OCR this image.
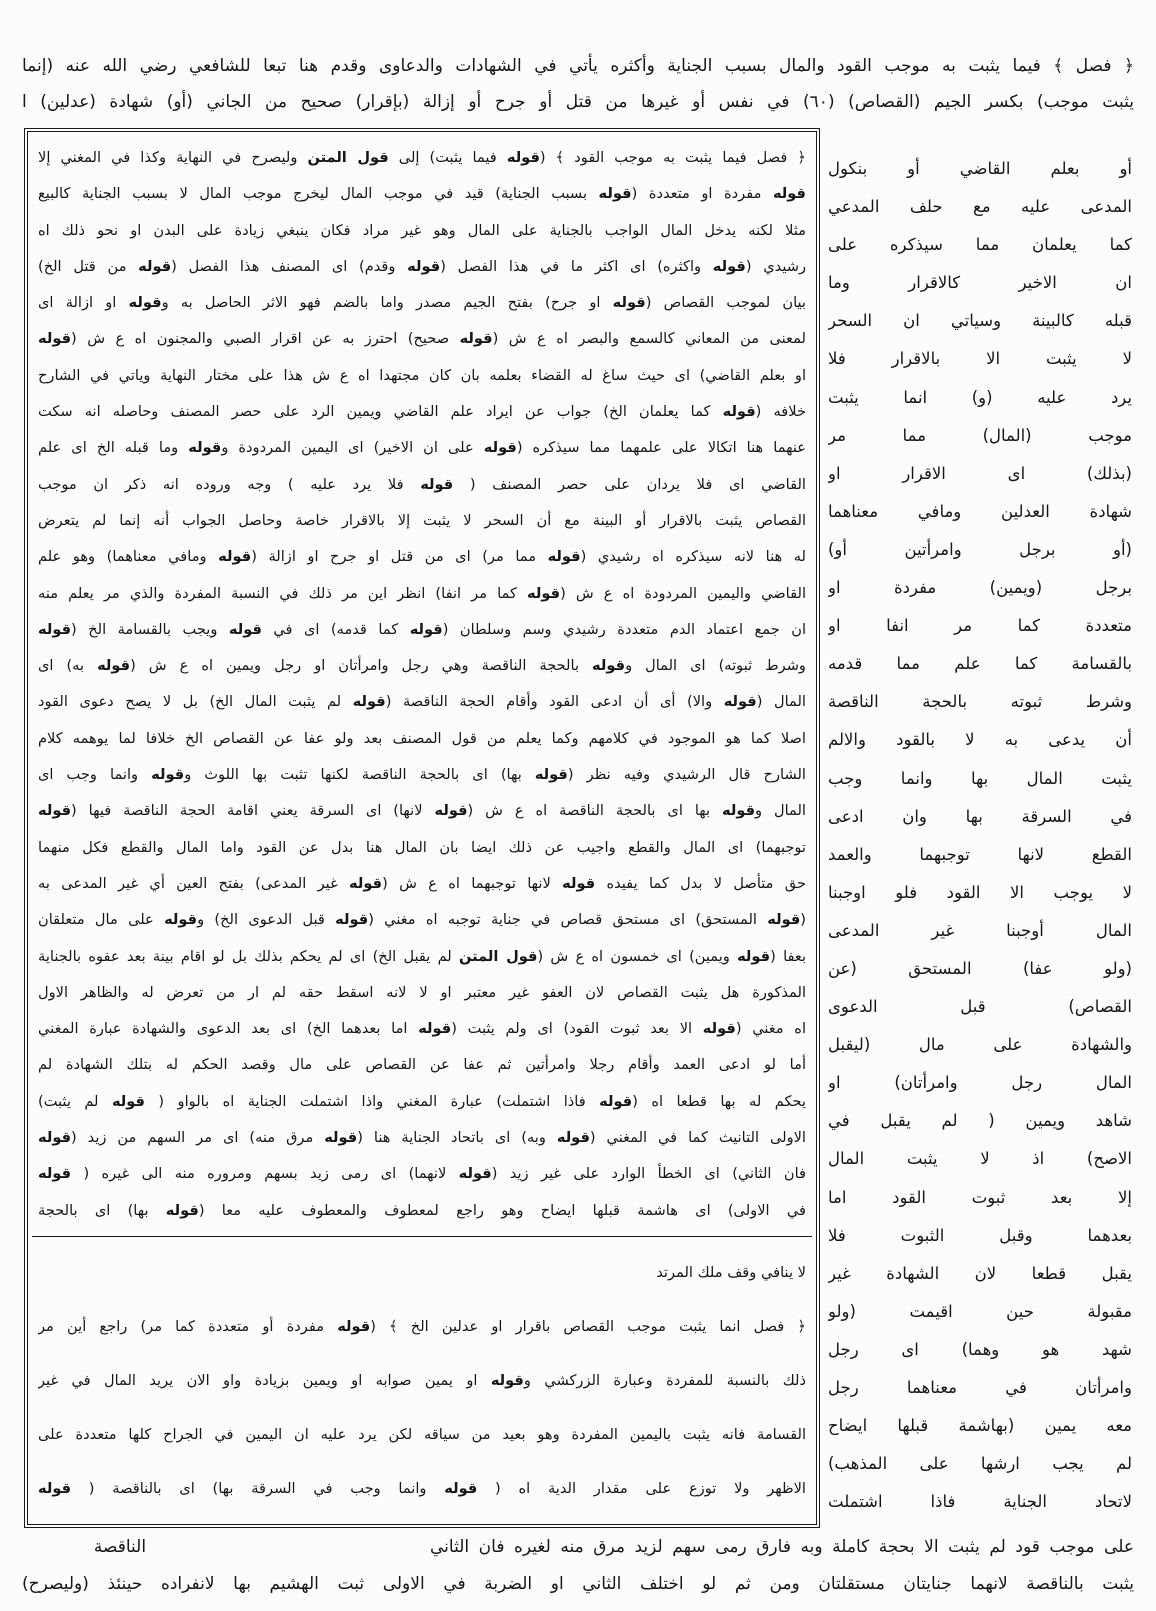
﴿ فصل ﴾ فيما يثبت به موجب القود والمال بسبب الجناية وأكثره يأتي في الشهادات والدعاوى وقدم هنا تبعا للشافعي رضي الله عنه (إنما
يثبت موجب) بكسر الجيم (القصاص) (٦٠) في نفس أو غيرها من قتل أو جرح أو إزالة (بإقرار) صحيح من الجاني (أو) شهادة (عدلين) ا
﴿ فصل فيما يثبت به موجب القود ﴾ (قوله فيما يثبت) إلى قول المتن وليصرح في النهاية وكذا في المغني إلا
قوله مفردة او متعددة (قوله بسبب الجناية) قيد في موجب المال ليخرج موجب المال لا بسبب الجناية كالبيع
مثلا لكنه يدخل المال الواجب بالجناية على المال وهو غير مراد فكان ينبغي زيادة على البدن او نحو ذلك اه
رشيدي (قوله واكثره) اى اكثر ما في هذا الفصل (قوله وقدم) اى المصنف هذا الفصل (قوله من قتل الخ)
بيان لموجب القصاص (قوله او جرح) بفتح الجيم مصدر واما بالضم فهو الاثر الحاصل به وقوله او ازالة اى
لمعنى من المعاني كالسمع والبصر اه ع ش (قوله صحيح) احترز به عن اقرار الصبي والمجنون اه ع ش (قوله
او بعلم القاضي) اى حيث ساغ له القضاء بعلمه بان كان مجتهدا اه ع ش هذا على مختار النهاية وياتي في الشارح
خلافه (قوله كما يعلمان الخ) جواب عن ايراد علم القاضي ويمين الرد على حصر المصنف وحاصله انه سكت
عنهما هنا اتكالا على علمهما مما سيذكره (قوله على ان الاخير) اى اليمين المردودة وقوله وما قبله الخ اى علم
القاضي اى فلا يردان على حصر المصنف ( قوله فلا يرد عليه ) وجه وروده انه ذكر ان موجب
القصاص يثبت بالاقرار أو البينة مع أن السحر لا يثبت إلا بالاقرار خاصة وحاصل الجواب أنه إنما لم يتعرض
له هنا لانه سيذكره اه رشيدي (قوله مما مر) اى من قتل او جرح او ازالة (قوله ومافي معناهما) وهو علم
القاضي واليمين المردودة اه ع ش (قوله كما مر انفا) انظر اين مر ذلك في النسبة المفردة والذي مر يعلم منه
ان جمع اعتماد الدم متعددة رشيدي وسم وسلطان (قوله كما قدمه) اى في قوله ويجب بالقسامة الخ (قوله
وشرط ثبوته) اى المال وقوله بالحجة الناقصة وهي رجل وامرأتان او رجل ويمين اه ع ش (قوله به) اى
المال (قوله والا) أى أن ادعى القود وأقام الحجة الناقصة (قوله لم يثبت المال الخ) بل لا يصح دعوى القود
اصلا كما هو الموجود في كلامهم وكما يعلم من قول المصنف بعد ولو عفا عن القصاص الخ خلافا لما يوهمه كلام
الشارح قال الرشيدي وفيه نظر (قوله بها) اى بالحجة الناقصة لكنها تثبت بها اللوث وقوله وانما وجب اى
المال وقوله بها اى بالحجة الناقصة اه ع ش (قوله لانها) اى السرقة يعني اقامة الحجة الناقصة فيها (قوله
توجبهما) اى المال والقطع واجيب عن ذلك ايضا بان المال هنا بدل عن القود واما المال والقطع فكل منهما
حق متأصل لا بدل كما يفيده قوله لانها توجبهما اه ع ش (قوله غير المدعى) بفتح العين أي غير المدعى به
(قوله المستحق) اى مستحق قصاص في جناية توجبه اه مغني (قوله قبل الدعوى الخ) وقوله على مال متعلقان
بعفا (قوله ويمين) اى خمسون اه ع ش (قول المتن لم يقبل الخ) اى لم يحكم بذلك بل لو اقام بينة بعد عفوه بالجناية
المذكورة هل يثبت القصاص لان العفو غير معتبر او لا لانه اسقط حقه لم ار من تعرض له والظاهر الاول
اه مغني (قوله الا بعد ثبوت القود) اى ولم يثبت (قوله اما بعدهما الخ) اى بعد الدعوى والشهادة عبارة المغني
أما لو ادعى العمد وأقام رجلا وامرأتين ثم عفا عن القصاص على مال وقصد الحكم له بتلك الشهادة لم
يحكم له بها قطعا اه (قوله فاذا اشتملت) عبارة المغني واذا اشتملت الجناية اه بالواو ( قوله لم يثبت)
الاولى التانيث كما في المغني (قوله وبه) اى باتحاد الجناية هنا (قوله مرق منه) اى مر السهم من زيد (قوله
فان الثاني) اى الخطأ الوارد على غير زيد (قوله لانهما) اى رمى زيد بسهم ومروره منه الى غيره ( قوله
في الاولى) اى هاشمة قبلها ايضاح وهو راجع لمعطوف والمعطوف عليه معا (قوله بها) اى بالحجة
لا ينافي وقف ملك المرتد
﴿ فصل انما يثبت موجب القصاص باقرار او عدلين الخ ﴾ (قوله مفردة أو متعددة كما مر) راجع أين مر
ذلك بالنسبة للمفردة وعبارة الزركشي وقوله او يمين صوابه او ويمين بزيادة واو الان يريد المال في غير
القسامة فانه يثبت باليمين المفردة وهو بعيد من سياقه لكن يرد عليه ان اليمين في الجراح كلها متعددة على
الاظهر ولا توزع على مقدار الدية اه ( قوله وانما وجب في السرقة بها) اى بالناقصة ( قوله
أو بعلم القاضي أو بنكول
المدعى عليه مع حلف المدعي
كما يعلمان مما سيذكره على
ان الاخير كالاقرار وما
قبله كالبينة وسياتي ان السحر
لا يثبت الا بالاقرار فلا
يرد عليه (و) انما يثبت
موجب (المال) مما مر
(بذلك) اى الاقرار او
شهادة العدلين ومافي معناهما
(أو برجل وامرأتين أو)
برجل (ويمين) مفردة او
متعددة كما مر انفا او
بالقسامة كما علم مما قدمه
وشرط ثبوته بالحجة الناقصة
أن يدعى به لا بالقود والالم
يثبت المال بها وانما وجب
في السرقة بها وان ادعى
القطع لانها توجبهما والعمد
لا يوجب الا القود فلو اوجبنا
المال أوجبنا غير المدعى
(ولو عفا) المستحق (عن
القصاص) قبل الدعوى
والشهادة على مال (ليقبل
المال رجل وامرأتان) او
شاهد ويمين ( لم يقبل في
الاصح) اذ لا يثبت المال
إلا بعد ثبوت القود اما
بعدهما وقبل الثبوت فلا
يقبل قطعا لان الشهادة غير
مقبولة حين اقيمت (ولو
شهد هو وهما) اى رجل
وامرأتان في معناهما رجل
معه يمين (بهاشمة قبلها ايضاح
لم يجب ارشها على المذهب)
لاتحاد الجناية فاذا اشتملت
على موجب قود لم يثبت الا بحجة كاملة وبه فارق رمى سهم لزيد مرق منه لغيره فان الثاني
الناقصة
يثبت بالناقصة لانهما جنايتان مستقلتان ومن ثم لو اختلف الثاني او الضربة في الاولى ثبت الهشيم بها لانفراده حينئذ (وليصرح)
